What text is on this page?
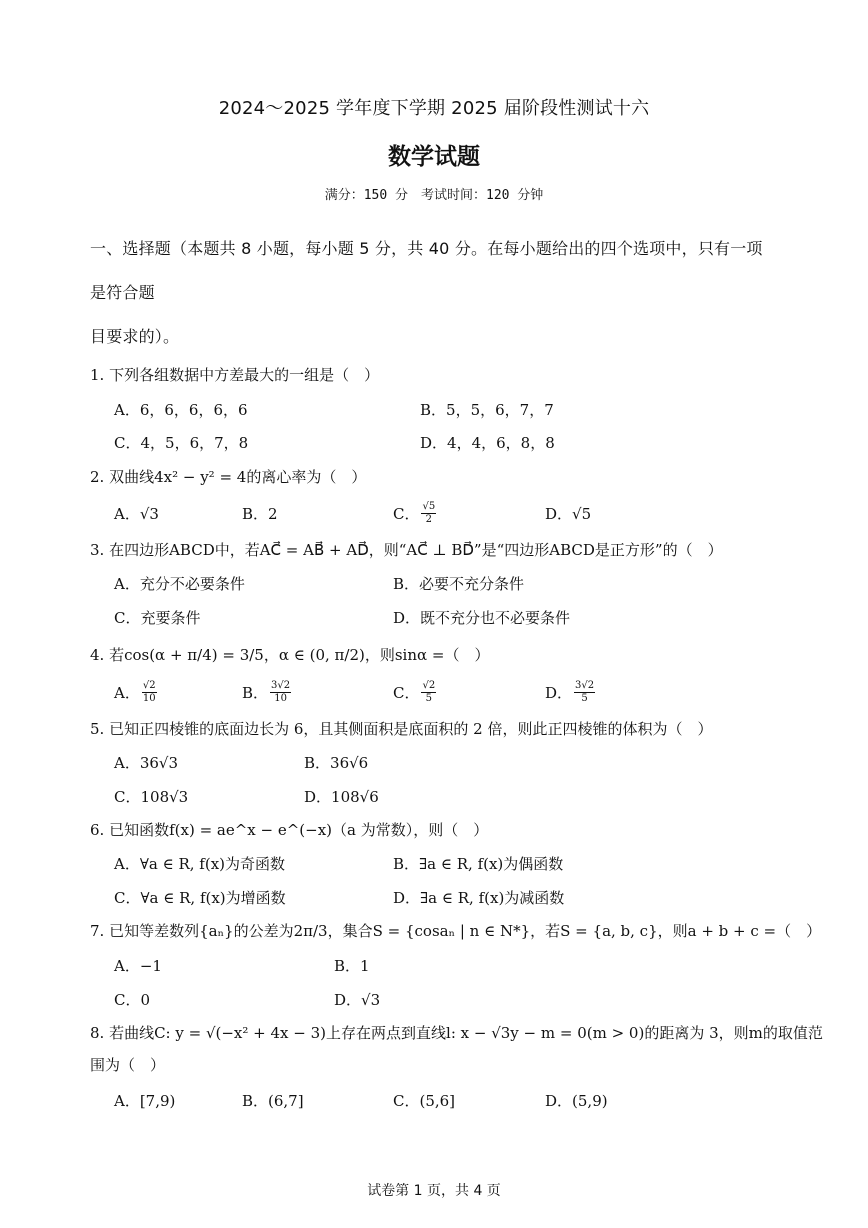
2024～2025 学年度下学期 2025 届阶段性测试十六
数学试题
满分：150 分　考试时间：120 分钟
一、选择题（本题共 8 小题，每小题 5 分，共 40 分。在每小题给出的四个选项中，只有一项是符合题
目要求的）。
1. 下列各组数据中方差最大的一组是（　）
A．6，6，6，6，6	B．5，5，6，7，7
C．4，5，6，7，8	D．4，4，6，8，8
2. 双曲线4x² − y² = 4的离心率为（　）
A．√3	B．2	C． $\frac{√5}{2}$	D．√5
3. 在四边形ABCD中，若AC⃗ = AB⃗ + AD⃗，则“AC⃗ ⊥ BD⃗”是“四边形ABCD是正方形”的（　）
A．充分不必要条件	B．必要不充分条件
C．充要条件	D．既不充分也不必要条件
4. 若cos(α + π/4) = 3/5，α ∈ (0, π/2)，则sinα =（　）
A． $\frac{√2}{10}$	B． $\frac{3√2}{10}$	C． $\frac{√2}{5}$	D． $\frac{3√2}{5}$
5. 已知正四棱锥的底面边长为 6，且其侧面积是底面积的 2 倍，则此正四棱锥的体积为（　）
A．36√3	B．36√6
C．108√3	D．108√6
6. 已知函数f(x) = ae^x − e^(−x)（a 为常数），则（　）
A．∀a ∈ R, f(x)为奇函数	B．∃a ∈ R, f(x)为偶函数
C．∀a ∈ R, f(x)为增函数	D．∃a ∈ R, f(x)为减函数
7. 已知等差数列{aₙ}的公差为2π/3，集合S = {cosaₙ | n ∈ N*}，若S = {a, b, c}，则a + b + c =（　）
A．−1	B．1
C．0	D．√3
8. 若曲线C: y = √(−x² + 4x − 3)上存在两点到直线l: x − √3y − m = 0(m > 0)的距离为 3，则m的取值范
围为（　）
A．[7,9)	B．(6,7]	C．(5,6]	D．(5,9)
试卷第 1 页，共 4 页
